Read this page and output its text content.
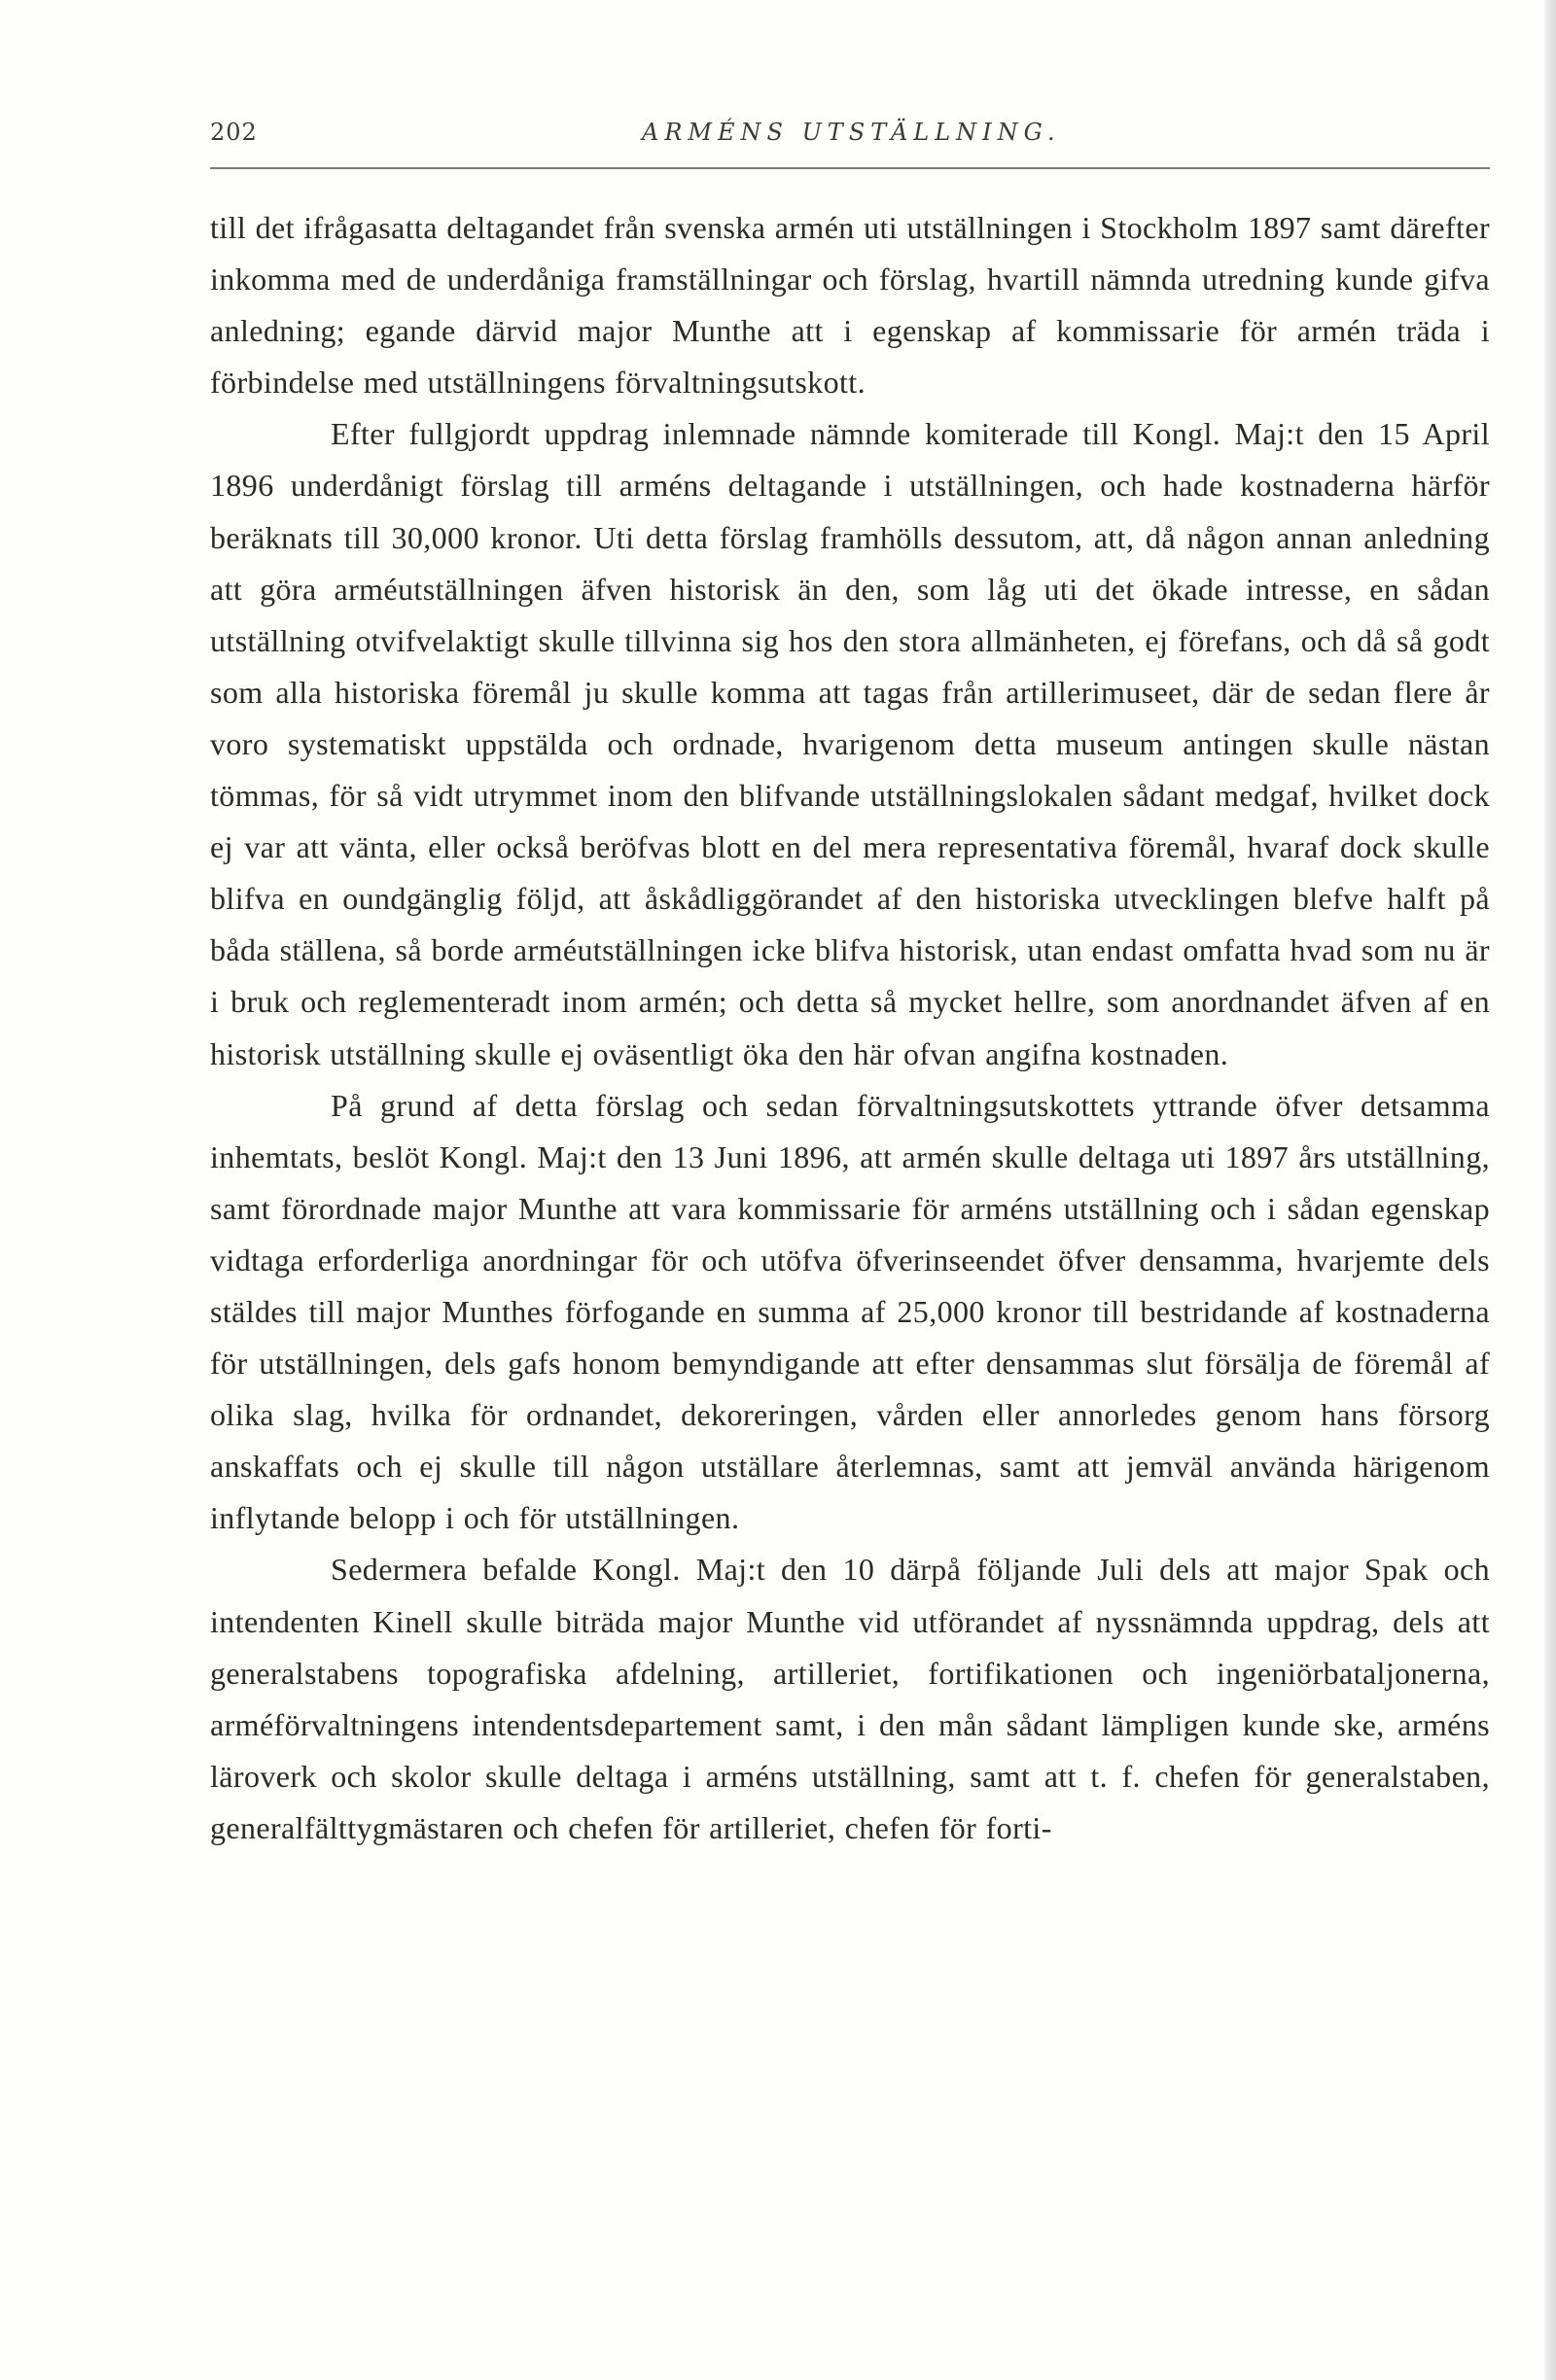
202	ARMÉNS UTSTÄLLNING.

till det ifrågasatta deltagandet från svenska armén uti utställningen i Stockholm 1897 samt därefter inkomma med de underdåniga framställningar och förslag, hvartill nämnda utredning kunde gifva anledning; egande därvid major Munthe att i egenskap af kommissarie för armén träda i förbindelse med utställningens förvaltningsutskott.

Efter fullgjordt uppdrag inlemnade nämnde komiterade till Kongl. Maj:t den 15 April 1896 underdånigt förslag till arméns deltagande i utställningen, och hade kostnaderna härför beräknats till 30,000 kronor. Uti detta förslag framhölls dessutom, att, då någon annan anledning att göra arméutställningen äfven historisk än den, som låg uti det ökade intresse, en sådan utställning otvifvelaktigt skulle tillvinna sig hos den stora allmänheten, ej förefans, och då så godt som alla historiska föremål ju skulle komma att tagas från artillerimuseet, där de sedan flere år voro systematiskt uppstälda och ordnade, hvarigenom detta museum antingen skulle nästan tömmas, för så vidt utrymmet inom den blifvande utställningslokalen sådant medgaf, hvilket dock ej var att vänta, eller också beröfvas blott en del mera representativa föremål, hvaraf dock skulle blifva en oundgänglig följd, att åskådliggörandet af den historiska utvecklingen blefve halft på båda ställena, så borde arméutställningen icke blifva historisk, utan endast omfatta hvad som nu är i bruk och reglementeradt inom armén; och detta så mycket hellre, som anordnandet äfven af en historisk utställning skulle ej oväsentligt öka den här ofvan angifna kostnaden.

På grund af detta förslag och sedan förvaltningsutskottets yttrande öfver detsamma inhemtats, beslöt Kongl. Maj:t den 13 Juni 1896, att armén skulle deltaga uti 1897 års utställning, samt förordnade major Munthe att vara kommissarie för arméns utställning och i sådan egenskap vidtaga erforderliga anordningar för och utöfva öfverinseendet öfver densamma, hvarjemte dels stäldes till major Munthes förfogande en summa af 25,000 kronor till bestridande af kostnaderna för utställningen, dels gafs honom bemyndigande att efter densammas slut försälja de föremål af olika slag, hvilka för ordnandet, dekoreringen, vården eller annorledes genom hans försorg anskaffats och ej skulle till någon utställare återlemnas, samt att jemväl använda härigenom inflytande belopp i och för utställningen.

Sedermera befalde Kongl. Maj:t den 10 därpå följande Juli dels att major Spak och intendenten Kinell skulle biträda major Munthe vid utförandet af nyssnämnda uppdrag, dels att generalstabens topografiska afdelning, artilleriet, fortifikationen och ingeniörbataljonerna, arméförvaltningens intendentsdepartement samt, i den mån sådant lämpligen kunde ske, arméns läroverk och skolor skulle deltaga i arméns utställning, samt att t. f. chefen för generalstaben, generalfälttygmästaren och chefen för artilleriet, chefen för forti-
